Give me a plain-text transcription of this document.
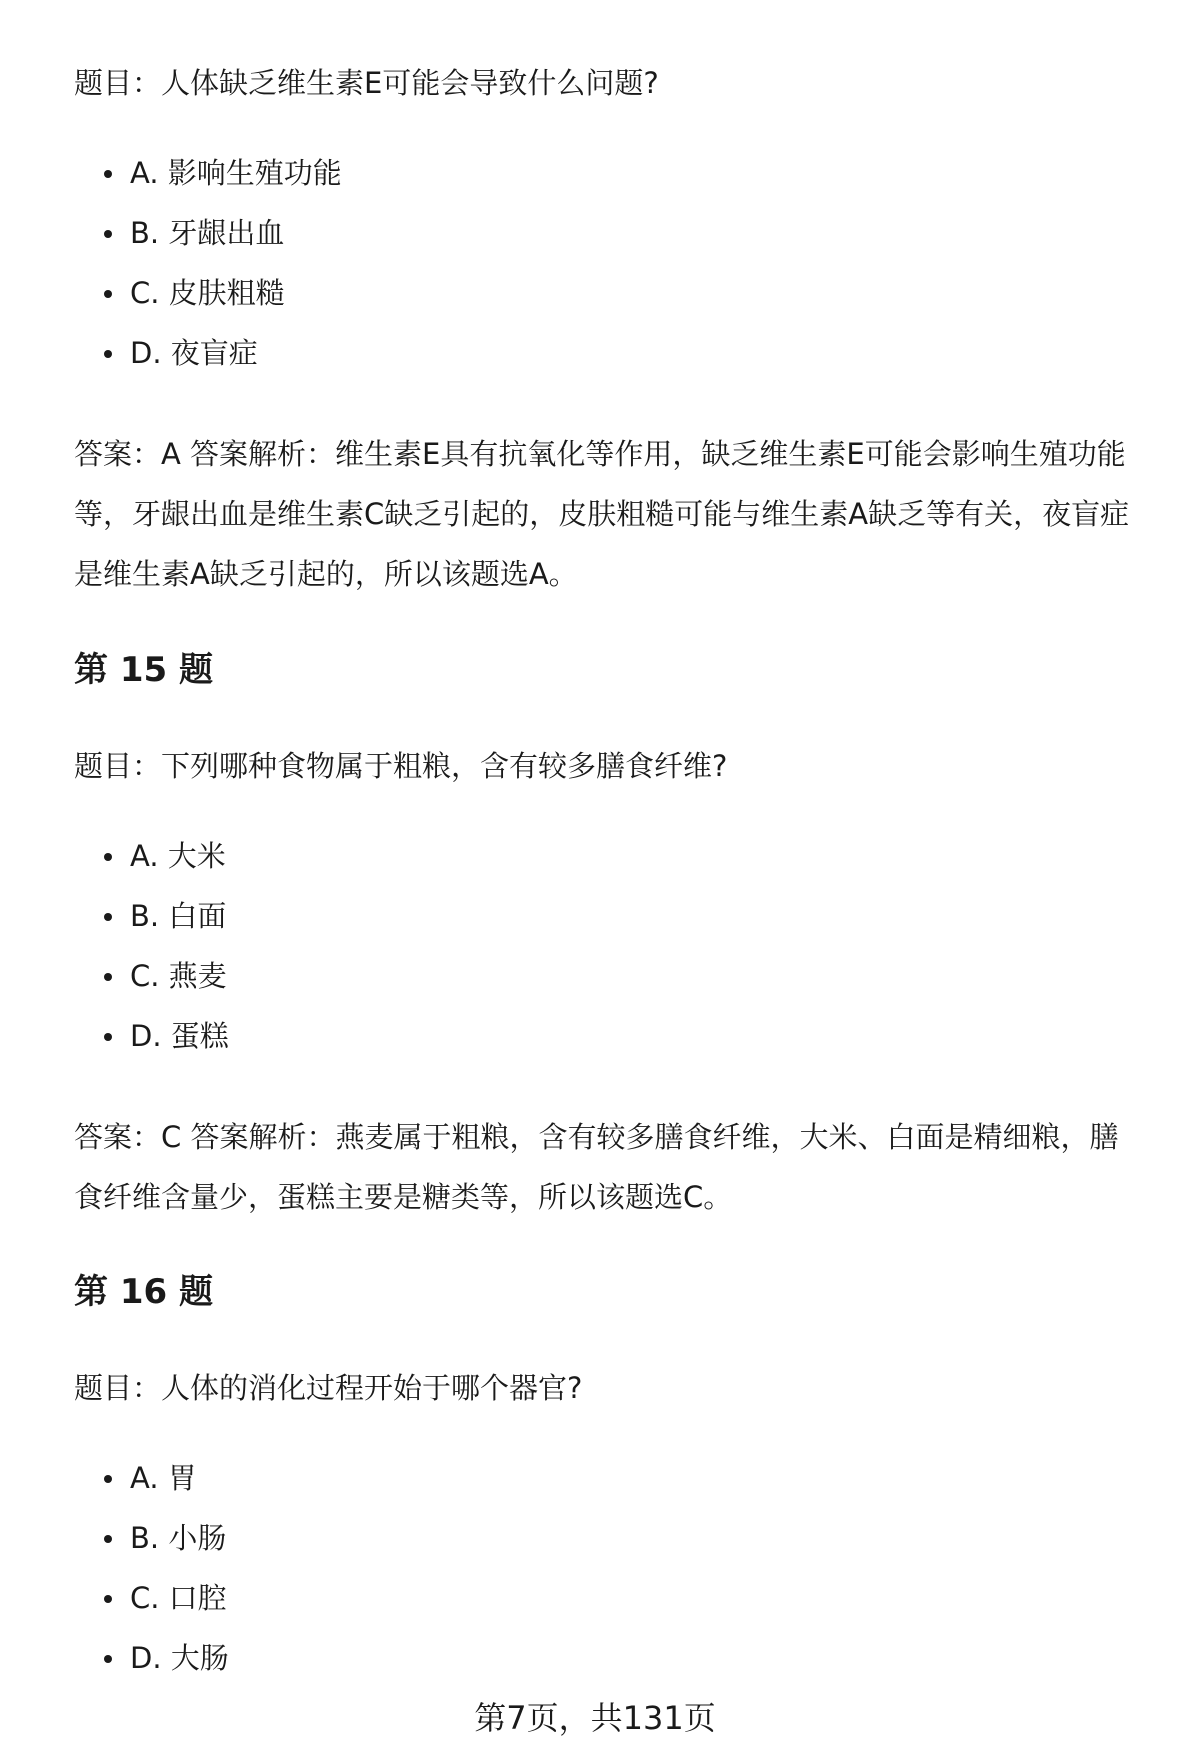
题目：人体缺乏维生素E可能会导致什么问题?
A. 影响生殖功能
B. 牙龈出血
C. 皮肤粗糙
D. 夜盲症
答案：A 答案解析：维生素E具有抗氧化等作用，缺乏维生素E可能会影响生殖功能
等，牙龈出血是维生素C缺乏引起的，皮肤粗糙可能与维生素A缺乏等有关，夜盲症
是维生素A缺乏引起的，所以该题选A。
第 15 题
题目：下列哪种食物属于粗粮，含有较多膳食纤维?
A. 大米
B. 白面
C. 燕麦
D. 蛋糕
答案：C 答案解析：燕麦属于粗粮，含有较多膳食纤维，大米、白面是精细粮，膳
食纤维含量少，蛋糕主要是糖类等，所以该题选C。
第 16 题
题目：人体的消化过程开始于哪个器官?
A. 胃
B. 小肠
C. 口腔
D. 大肠
第7页，共131页
